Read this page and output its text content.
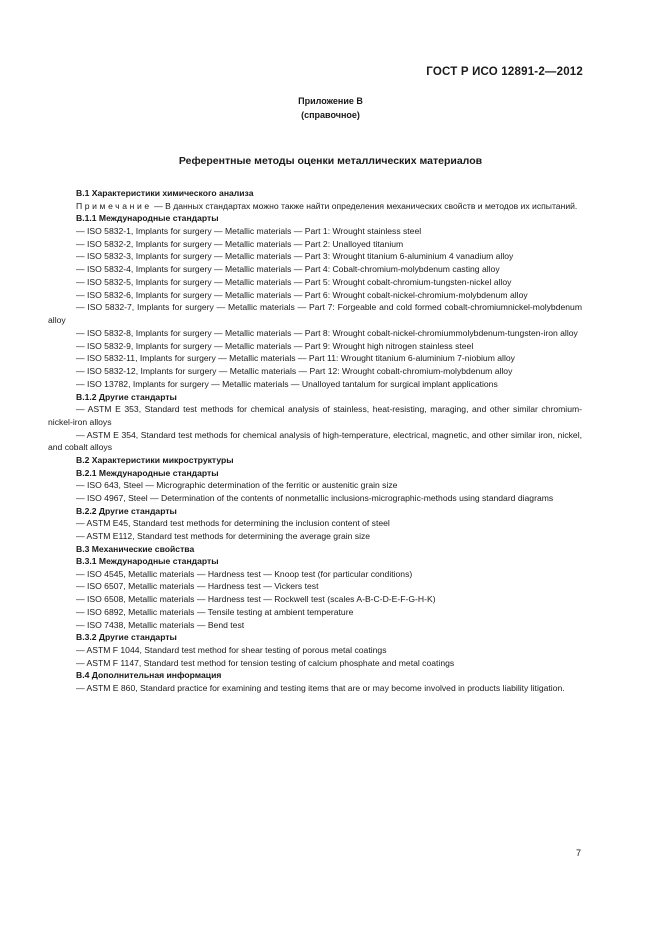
ГОСТ Р ИСО 12891-2—2012
Приложение В
(справочное)
Референтные методы оценки металлических материалов

В.1 Характеристики химического анализа

Примечание — В данных стандартах можно также найти определения механических свойств и методов их испытаний.

В.1.1 Международные стандарты

— ISO 5832-1, Implants for surgery — Metallic materials — Part 1: Wrought stainless steel

— ISO 5832-2, Implants for surgery — Metallic materials — Part 2: Unalloyed titanium

— ISO 5832-3, Implants for surgery — Metallic materials — Part 3: Wrought titanium 6-aluminium 4 vanadium alloy

— ISO 5832-4, Implants for surgery — Metallic materials — Part 4: Cobalt-chromium-molybdenum casting alloy

— ISO 5832-5, Implants for surgery — Metallic materials — Part 5: Wrought cobalt-chromium-tungsten-nickel alloy

— ISO 5832-6, Implants for surgery — Metallic materials — Part 6: Wrought cobalt-nickel-chromium-molybdenum alloy

— ISO 5832-7, Implants for surgery — Metallic materials — Part 7: Forgeable and cold formed cobalt-chromiumnickel-molybdenum alloy

— ISO 5832-8, Implants for surgery — Metallic materials — Part 8: Wrought cobalt-nickel-chromiummolybdenum-tungsten-iron alloy

— ISO 5832-9, Implants for surgery — Metallic materials — Part 9: Wrought high nitrogen stainless steel

— ISO 5832-11, Implants for surgery — Metallic materials — Part 11: Wrought titanium 6-aluminium 7-niobium alloy

— ISO 5832-12, Implants for surgery — Metallic materials — Part 12: Wrought cobalt-chromium-molybdenum alloy

— ISO 13782, Implants for surgery — Metallic materials — Unalloyed tantalum for surgical implant applications

В.1.2 Другие стандарты

— ASTM E 353, Standard test methods for chemical analysis of stainless, heat-resisting, maraging, and other similar chromium-nickel-iron alloys

— ASTM E 354, Standard test methods for chemical analysis of high-temperature, electrical, magnetic, and other similar iron, nickel, and cobalt alloys

В.2 Характеристики микроструктуры

В.2.1 Международные стандарты

— ISO 643, Steel — Micrographic determination of the ferritic or austenitic grain size

— ISO 4967, Steel — Determination of the contents of nonmetallic inclusions-micrographic-methods using standard diagrams

В.2.2 Другие стандарты

— ASTM E45, Standard test methods for determining the inclusion content of steel

— ASTM E112, Standard test methods for determining the average grain size

В.3 Механические свойства

В.3.1 Международные стандарты

— ISO 4545, Metallic materials — Hardness test — Knoop test (for particular conditions)

— ISO 6507, Metallic materials — Hardness test — Vickers test

— ISO 6508, Metallic materials — Hardness test — Rockwell test (scales A-B-C-D-E-F-G-H-K)

— ISO 6892, Metallic materials — Tensile testing at ambient temperature

— ISO 7438, Metallic materials — Bend test

В.3.2 Другие стандарты

— ASTM F 1044, Standard test method for shear testing of porous metal coatings

— ASTM F 1147, Standard test method for tension testing of calcium phosphate and metal coatings

В.4 Дополнительная информация

— ASTM E 860, Standard practice for examining and testing items that are or may become involved in products liability litigation.

7
